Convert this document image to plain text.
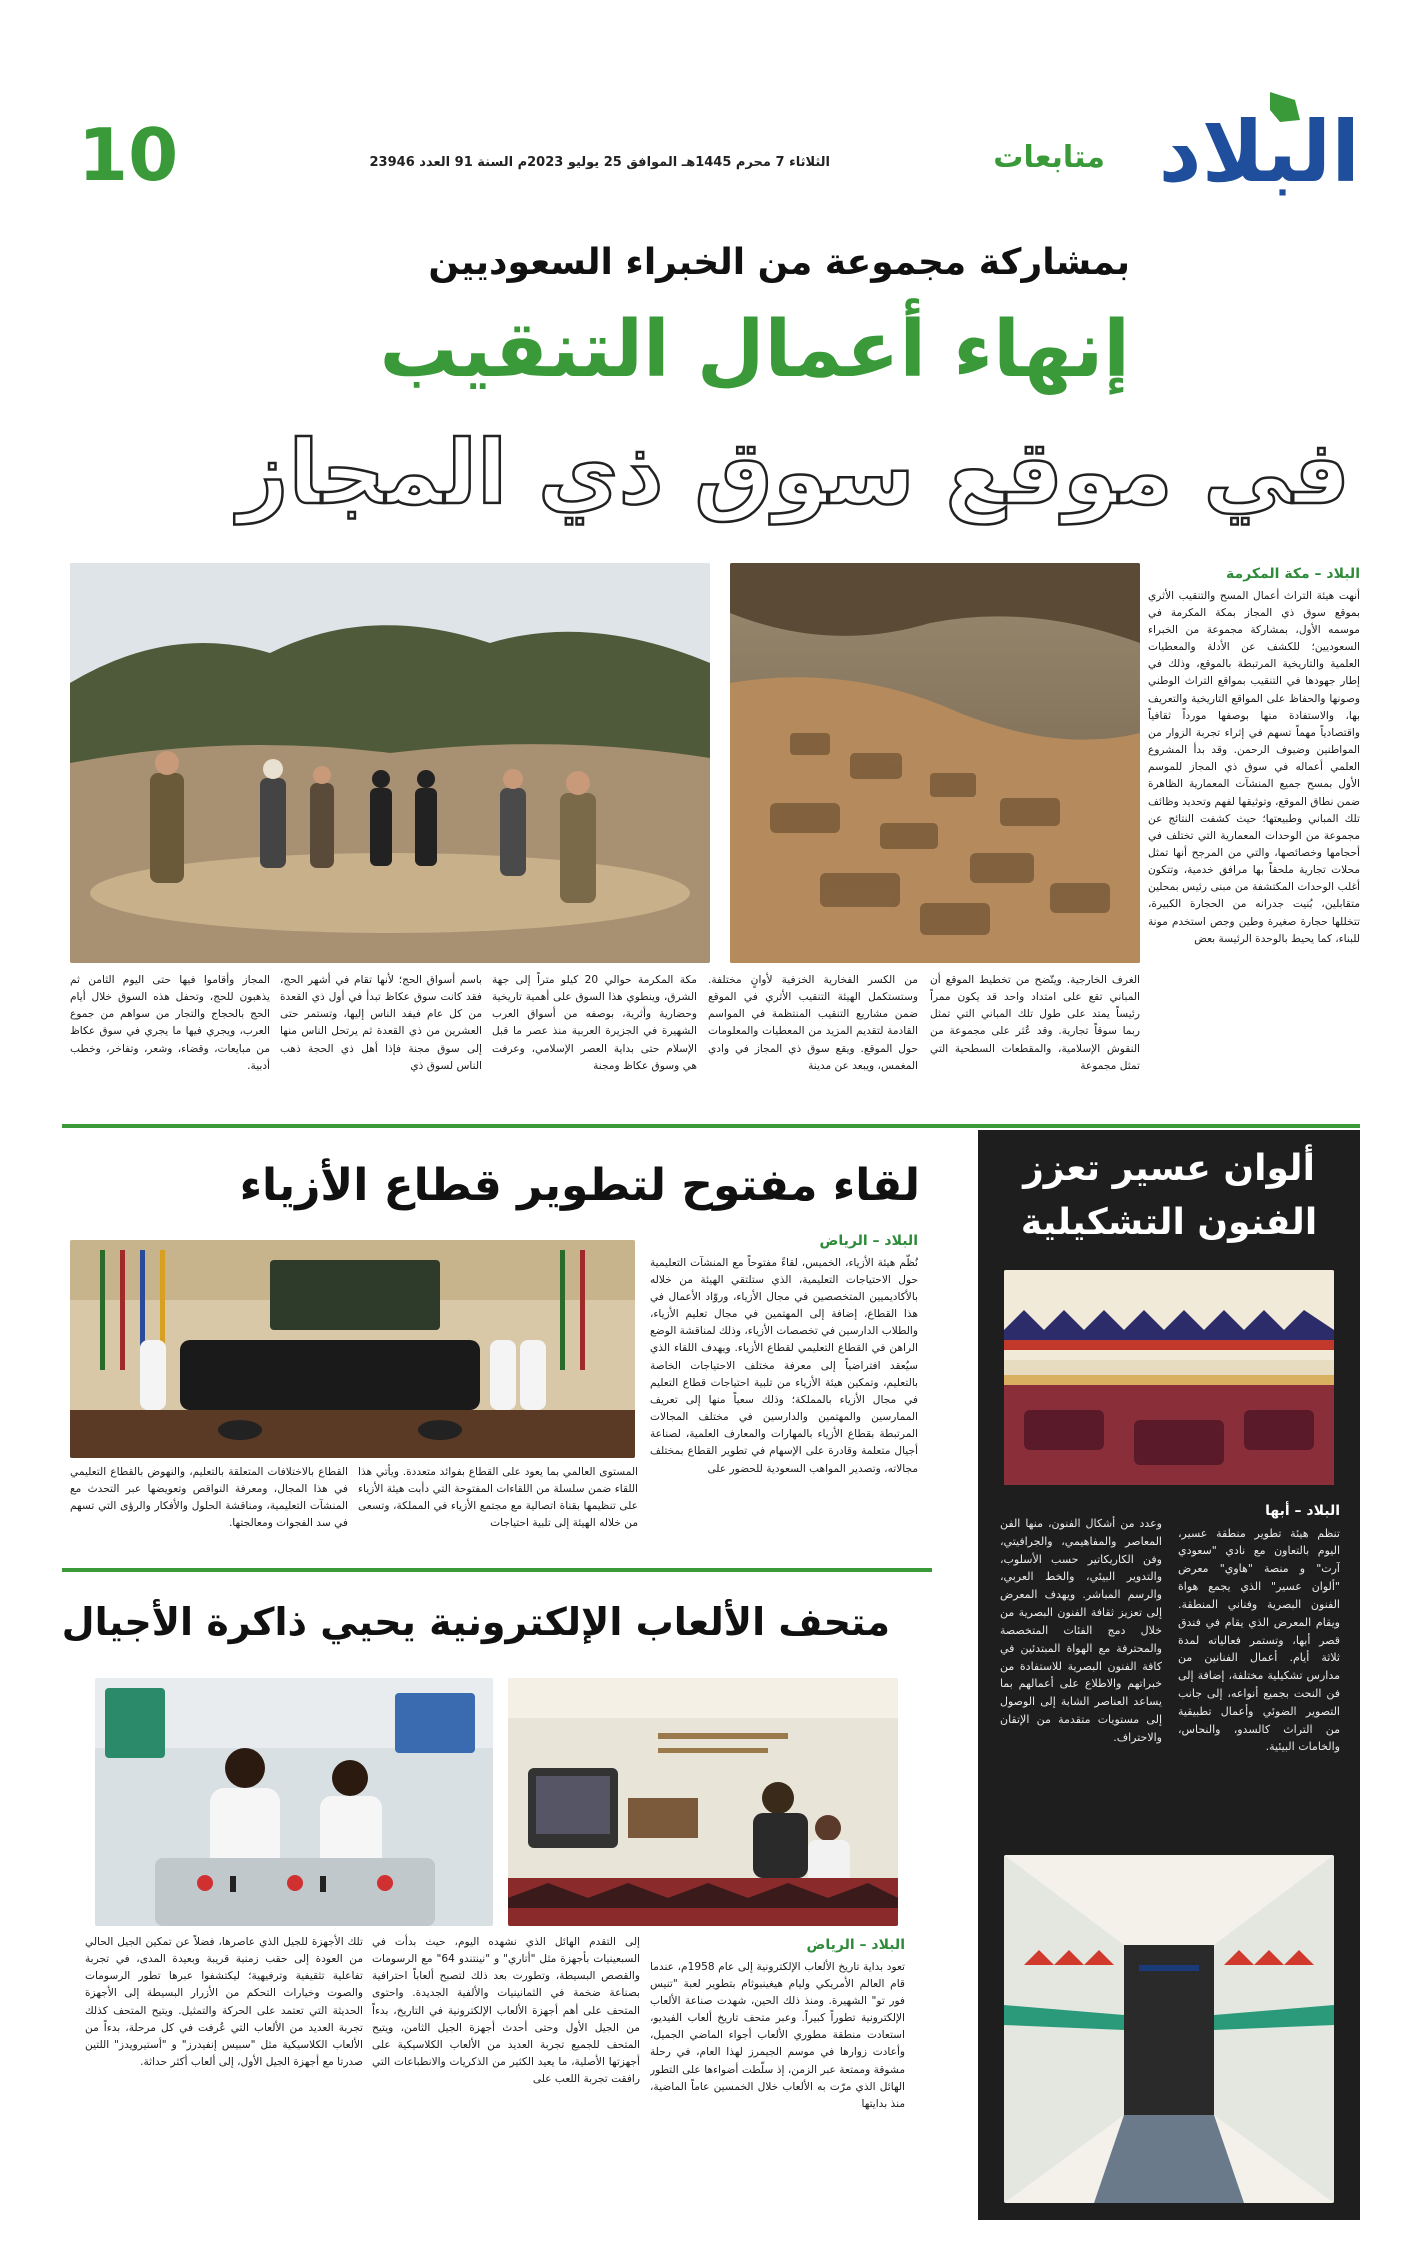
البلاد
متابعات
الثلاثاء 7 محرم 1445هـ الموافق 25 يوليو 2023م السنة 91 العدد 23946
10
بمشاركة مجموعة من الخبراء السعوديين
إنهاء أعمال التنقيب
في موقع سوق ذي المجاز
البلاد – مكة المكرمة
أنهت هيئة التراث أعمال المسح والتنقيب الأثري بموقع سوق ذي المجاز بمكة المكرمة في موسمه الأول، بمشاركة مجموعة من الخبراء السعوديين؛ للكشف عن الأدلة والمعطيات العلمية والتاريخية المرتبطة بالموقع، وذلك في إطار جهودها في التنقيب بمواقع التراث الوطني وصونها والحفاظ على المواقع التاريخية والتعريف بها، والاستفادة منها بوصفها مورداً ثقافياً واقتصادياً مهماً تسهم في إثراء تجربة الزوار من المواطنين وضيوف الرحمن. وقد بدأ المشروع العلمي أعماله في سوق ذي المجاز للموسم الأول بمسح جميع المنشآت المعمارية الظاهرة ضمن نطاق الموقع، وتوثيقها لفهم وتحديد وظائف تلك المباني وطبيعتها؛ حيث كشفت النتائج عن مجموعة من الوحدات المعمارية التي تختلف في أحجامها وخصائصها، والتي من المرجح أنها تمثل محلات تجارية ملحقاً بها مرافق خدمية، وتتكون أغلب الوحدات المكتشفة من مبنى رئيس بمحلين متقابلين، بُنيت جدرانه من الحجارة الكبيرة، تتخللها حجارة صغيرة وطين وجص استخدم مونة للبناء، كما يحيط بالوحدة الرئيسة بعض
الغرف الخارجية. ويتّضح من تخطيط الموقع أن المباني تقع على امتداد واحد قد يكون ممراً رئيساً يمتد على طول تلك المباني التي تمثل ربما سوقاً تجارية. وقد عُثر على مجموعة من النقوش الإسلامية، والمقطعات السطحية التي تمثل مجموعة
من الكسر الفخارية الخزفية لأوانٍ مختلفة. وستستكمل الهيئة التنقيب الأثري في الموقع ضمن مشاريع التنقيب المنتظمة في المواسم القادمة لتقديم المزيد من المعطيات والمعلومات حول الموقع. ويقع سوق ذي المجاز في وادي المغمس، ويبعد عن مدينة
مكة المكرمة حوالي 20 كيلو متراً إلى جهة الشرق، وينطوي هذا السوق على أهمية تاريخية وحضارية وأثرية، بوصفه من أسواق العرب الشهيرة في الجزيرة العربية منذ عصر ما قبل الإسلام حتى بداية العصر الإسلامي، وعرفت هي وسوق عكاظ ومجنة
باسم أسواق الحج؛ لأنها تقام في أشهر الحج، فقد كانت سوق عكاظ تبدأ في أول ذي القعدة من كل عام فيفد الناس إليها، وتستمر حتى العشرين من ذي القعدة ثم يرتحل الناس منها إلى سوق مجنة فإذا أهل ذي الحجة ذهب الناس لسوق ذي
المجاز وأقاموا فيها حتى اليوم الثامن ثم يذهبون للحج، وتحفل هذه السوق خلال أيام الحج بالحجاج والتجار من سواهم من جموع العرب، ويجري فيها ما يجري في سوق عكاظ من مبايعات، وقضاء، وشعر، وتفاخر، وخطب أدبية.
ألوان عسير تعزز
الفنون التشكيلية
البلاد – أبها
تنظم هيئة تطوير منطقة عسير، اليوم بالتعاون مع نادي "سعودي آرت" و منصة "هاوي" معرض "ألوان عسير" الذي يجمع هواة الفنون البصرية وفناني المنطقة. ويقام المعرض الذي يقام في فندق قصر أبها، وتستمر فعالياته لمدة ثلاثة أيام. أعمال الفنانين من مدارس تشكيلية مختلفة، إضافة إلى فن النحت بجميع أنواعه، إلى جانب التصوير الضوئي وأعمال تطبيقية من التراث كالسدو، والنحاس، والخامات البيئية.
وعدد من أشكال الفنون، منها الفن المعاصر والمفاهيمي، والجرافيتي، وفن الكاريكاتير حسب الأسلوب، والتدوير البيئي، والخط العربي، والرسم المباشر. ويهدف المعرض إلى تعزيز ثقافة الفنون البصرية من خلال دمج الفئات المتخصصة والمحترفة مع الهواة المبتدئين في كافة الفنون البصرية للاستفادة من خبراتهم والاطلاع على أعمالهم بما يساعد العناصر الشابة إلى الوصول إلى مستويات متقدمة من الإتقان والاحتراف.
لقاء مفتوح لتطوير قطاع الأزياء
البلاد – الرياض
نُظّم هيئة الأزياء، الخميس، لقاءً مفتوحاً مع المنشآت التعليمية حول الاحتياجات التعليمية، الذي ستلتقي الهيئة من خلاله بالأكاديميين المتخصصين في مجال الأزياء، وروّاد الأعمال في هذا القطاع، إضافة إلى المهتمين في مجال تعليم الأزياء، والطلاب الدارسين في تخصصات الأزياء، وذلك لمناقشة الوضع الراهن في القطاع التعليمي لقطاع الأزياء. ويهدف اللقاء الذي سيُعقد افتراضياً إلى معرفة مختلف الاحتياجات الخاصة بالتعليم، وتمكين هيئة الأزياء من تلبية احتياجات قطاع التعليم في مجال الأزياء بالمملكة؛ وذلك سعياً منها إلى تعريف الممارسين والمهتمين والدارسين في مختلف المجالات المرتبطة بقطاع الأزياء بالمهارات والمعارف العلمية، لصناعة أجيال متعلمة وقادرة على الإسهام في تطوير القطاع بمختلف مجالاته، وتصدير المواهب السعودية للحضور على
المستوى العالمي بما يعود على القطاع بفوائد متعددة. ويأتي هذا اللقاء ضمن سلسلة من اللقاءات المفتوحة التي دأبت هيئة الأزياء على تنظيمها بقناة اتصالية مع مجتمع الأزياء في المملكة، وتسعى من خلاله الهيئة إلى تلبية احتياجات
القطاع بالاختلافات المتعلقة بالتعليم، والنهوض بالقطاع التعليمي في هذا المجال، ومعرفة النواقص وتعويضها عبر التحدث مع المنشآت التعليمية، ومناقشة الحلول والأفكار والرؤى التي تسهم في سد الفجوات ومعالجتها.
متحف الألعاب الإلكترونية يحيي ذاكرة الأجيال
البلاد – الرياض
تعود بداية تاريخ الألعاب الإلكترونية إلى عام 1958م، عندما قام العالم الأمريكي وليام هيغينبوثام بتطوير لعبة "تنيس فور تو" الشهيرة. ومنذ ذلك الحين، شهدت صناعة الألعاب الإلكترونية تطوراً كبيراً. وعبر متحف تاريخ ألعاب الفيديو، استعادت منطقة مطوري الألعاب أجواء الماضي الجميل، وأعادت زوارها في موسم الجيمرز لهذا العام، في رحلة مشوقة وممتعة عبر الزمن، إذ سلّطت أضواءها على التطور الهائل الذي مرّت به الألعاب خلال الخمسين عاماً الماضية، منذ بدايتها
إلى التقدم الهائل الذي نشهده اليوم، حيث بدأت في السبعينيات بأجهزة مثل "أتاري" و "نينتندو 64" مع الرسومات والقصص البسيطة، وتطورت بعد ذلك لتصبح ألعاباً احترافية بصناعة ضخمة في الثمانينيات والألفية الجديدة. واحتوى المتحف على أهم أجهزة الألعاب الإلكترونية في التاريخ، بدءاً من الجيل الأول وحتى أحدث أجهزة الجيل الثامن، ويتيح المتحف للجميع تجربة العديد من الألعاب الكلاسيكية على أجهزتها الأصلية، ما يعيد الكثير من الذكريات والانطباعات التي رافقت تجربة اللعب على
تلك الأجهزة للجيل الذي عاصرها، فضلاً عن تمكين الجيل الحالي من العودة إلى حقب زمنية قريبة وبعيدة المدى، في تجربة تفاعلية تثقيفية وترفيهية؛ ليكتشفوا عبرها تطور الرسومات والصوت وخيارات التحكم من الأزرار البسيطة إلى الأجهزة الحديثة التي تعتمد على الحركة والتمثيل. ويتيح المتحف كذلك تجربة العديد من الألعاب التي عُرفت في كل مرحلة، بدءاً من الألعاب الكلاسيكية مثل "سبيس إنفيدرز" و "أستيرويدز" اللتين صدرتا مع أجهزة الجيل الأول، إلى ألعاب أكثر حداثة.
